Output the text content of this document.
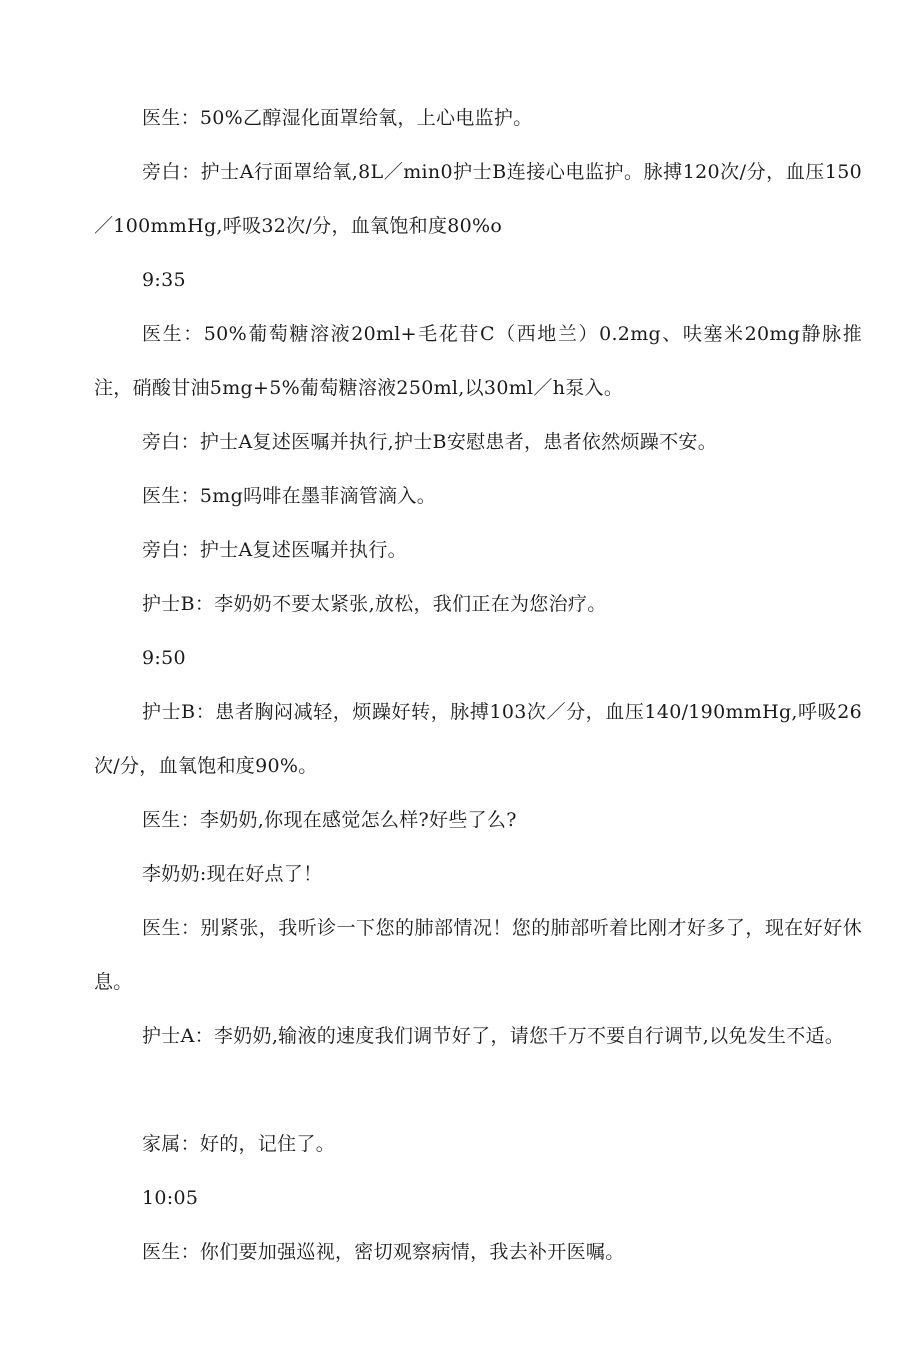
医生：50%乙醇湿化面罩给氧，上心电监护。

旁白：护士A行面罩给氧,8L／min0护士B连接心电监护。脉搏120次/分，血压150／100mmHg,呼吸32次/分，血氧饱和度80%o

9:35

医生：50%葡萄糖溶液20ml+毛花苷C（西地兰）0.2mg、呋塞米20mg静脉推注，硝酸甘油5mg+5%葡萄糖溶液250ml,以30ml／h泵入。

旁白：护士A复述医嘱并执行,护士B安慰患者，患者依然烦躁不安。

医生：5mg吗啡在墨菲滴管滴入。

旁白：护士A复述医嘱并执行。

护士B：李奶奶不要太紧张,放松，我们正在为您治疗。

9:50

护士B：患者胸闷减轻，烦躁好转，脉搏103次／分，血压140/190mmHg,呼吸26次/分，血氧饱和度90%。

医生：李奶奶,你现在感觉怎么样?好些了么?

李奶奶:现在好点了！

医生：别紧张，我听诊一下您的肺部情况！您的肺部听着比刚才好多了，现在好好休息。

护士A：李奶奶,输液的速度我们调节好了，请您千万不要自行调节,以免发生不适。

家属：好的，记住了。

10:05

医生：你们要加强巡视，密切观察病情，我去补开医嘱。
